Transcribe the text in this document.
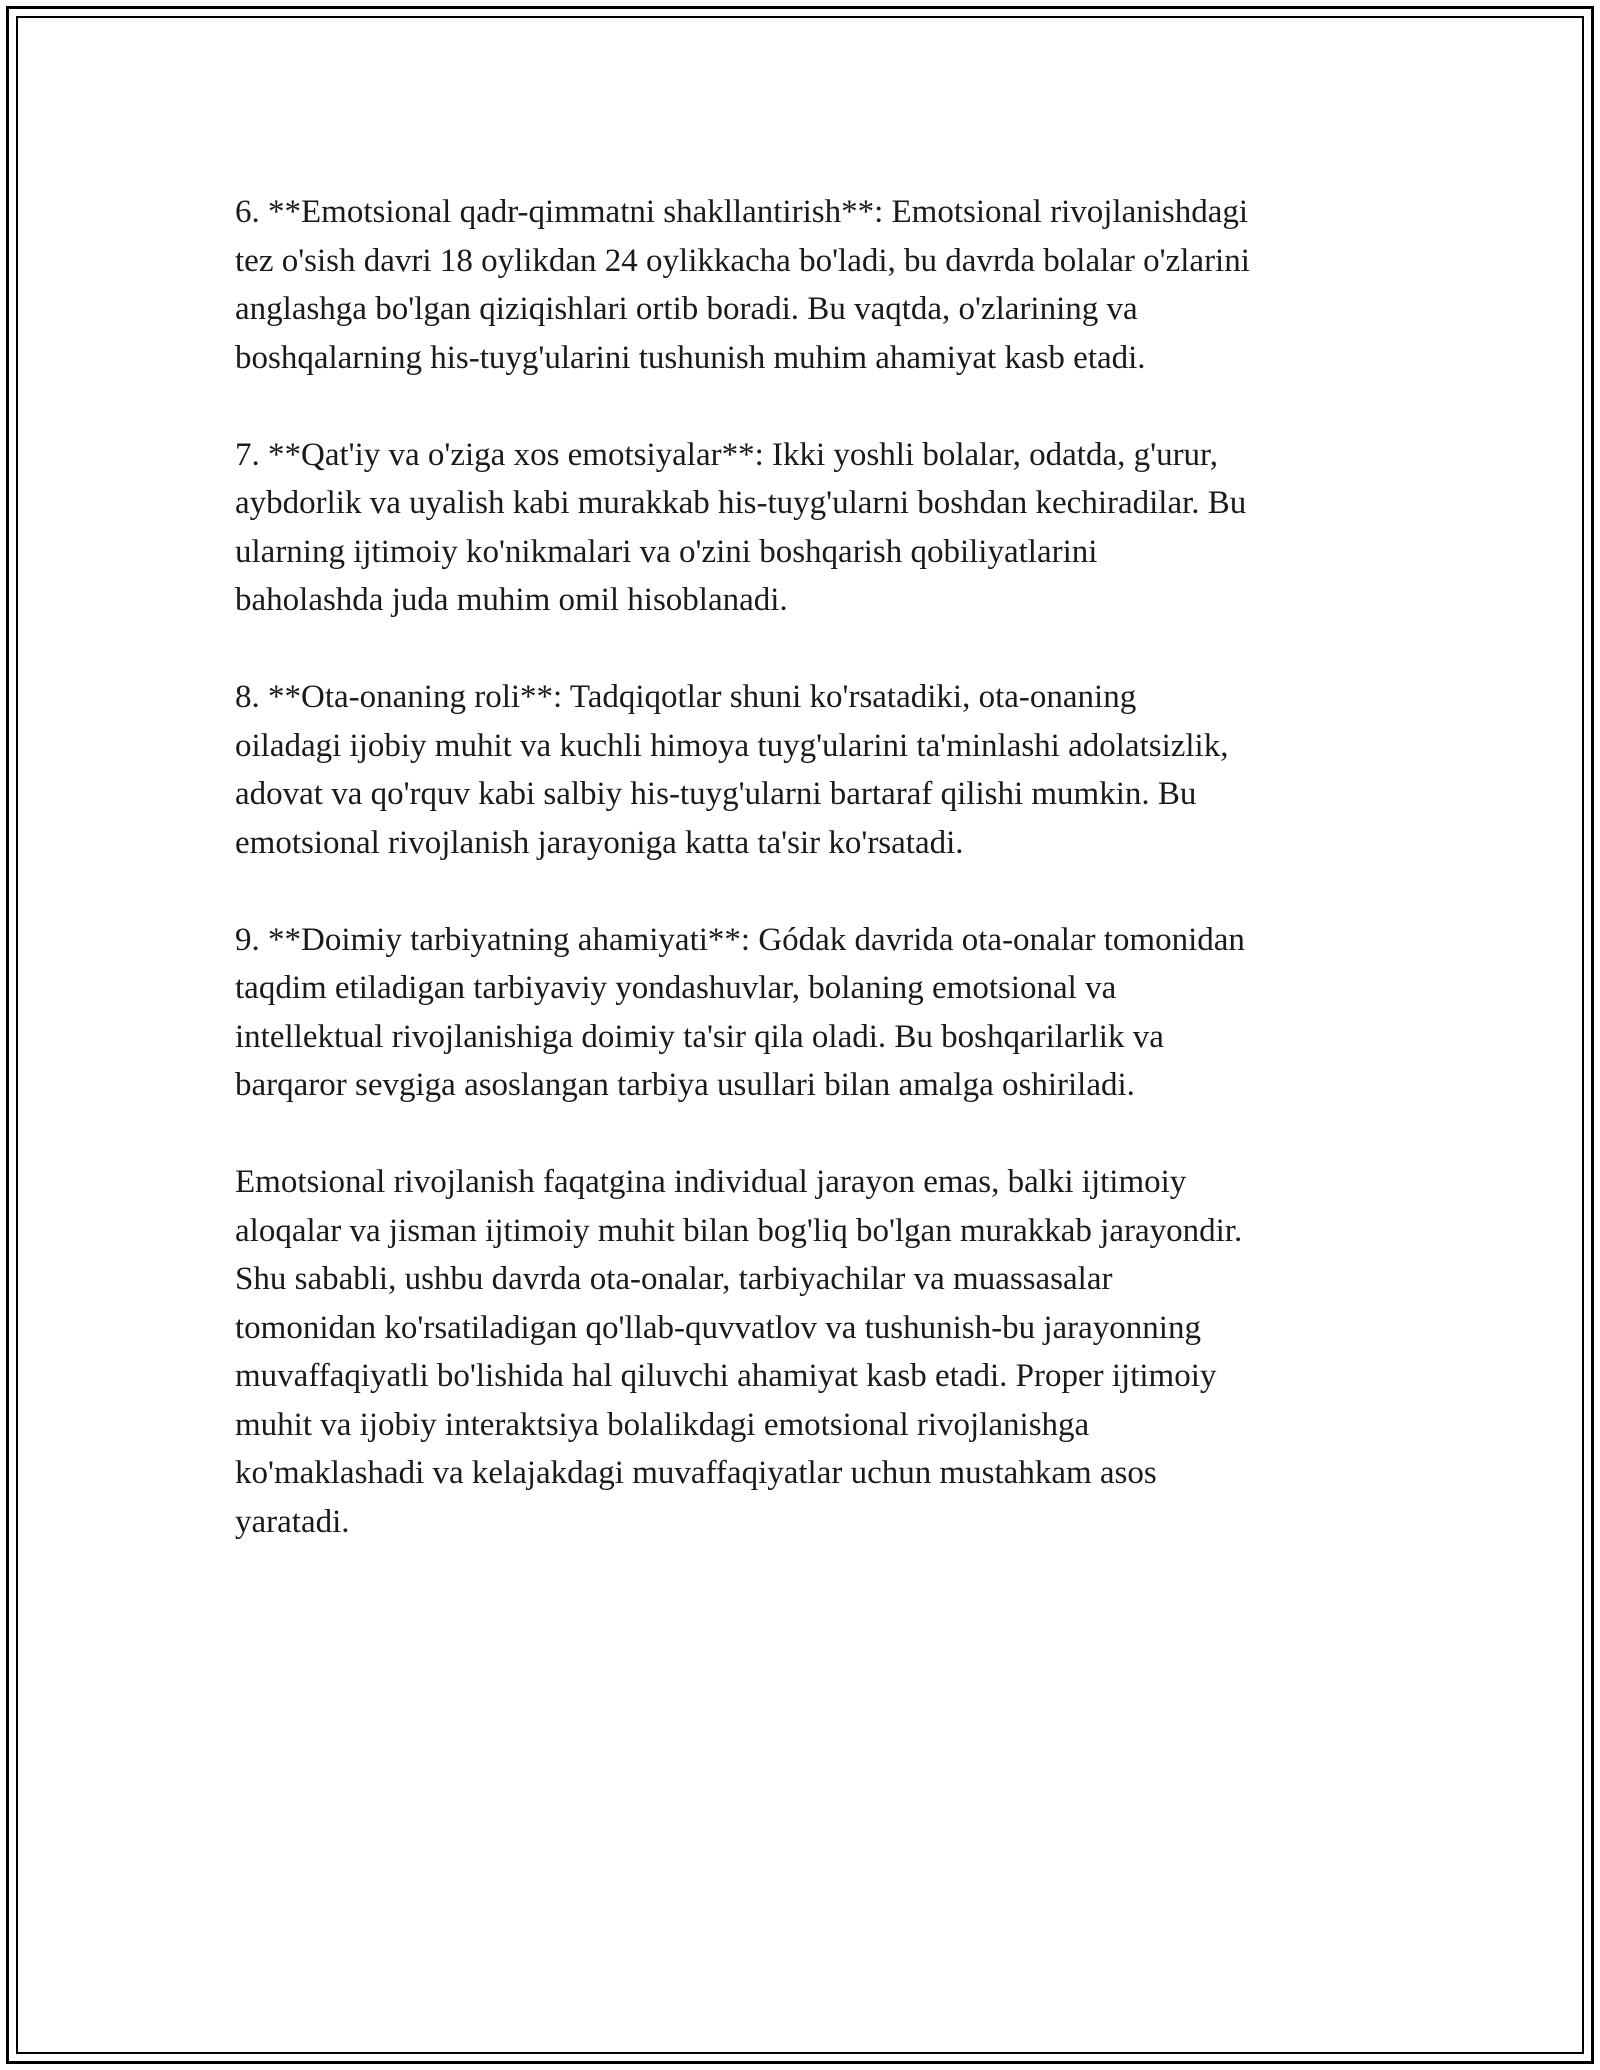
6. **Emotsional qadr-qimmatni shakllantirish**: Emotsional rivojlanishdagi
tez o'sish davri 18 oylikdan 24 oylikkacha bo'ladi, bu davrda bolalar o'zlarini
anglashga bo'lgan qiziqishlari ortib boradi. Bu vaqtda, o'zlarining va
boshqalarning his-tuyg'ularini tushunish muhim ahamiyat kasb etadi.

7. **Qat'iy va o'ziga xos emotsiyalar**: Ikki yoshli bolalar, odatda, g'urur,
aybdorlik va uyalish kabi murakkab his-tuyg'ularni boshdan kechiradilar. Bu
ularning ijtimoiy ko'nikmalari va o'zini boshqarish qobiliyatlarini
baholashda juda muhim omil hisoblanadi.

8. **Ota-onaning roli**: Tadqiqotlar shuni ko'rsatadiki, ota-onaning
oiladagi ijobiy muhit va kuchli himoya tuyg'ularini ta'minlashi adolatsizlik,
adovat va qo'rquv kabi salbiy his-tuyg'ularni bartaraf qilishi mumkin. Bu
emotsional rivojlanish jarayoniga katta ta'sir ko'rsatadi.

9. **Doimiy tarbiyatning ahamiyati**: Gódak davrida ota-onalar tomonidan
taqdim etiladigan tarbiyaviy yondashuvlar, bolaning emotsional va
intellektual rivojlanishiga doimiy ta'sir qila oladi. Bu boshqarilarlik va
barqaror sevgiga asoslangan tarbiya usullari bilan amalga oshiriladi.

Emotsional rivojlanish faqatgina individual jarayon emas, balki ijtimoiy
aloqalar va jisman ijtimoiy muhit bilan bog'liq bo'lgan murakkab jarayondir.
Shu sababli, ushbu davrda ota-onalar, tarbiyachilar va muassasalar
tomonidan ko'rsatiladigan qo'llab-quvvatlov va tushunish-bu jarayonning
muvaffaqiyatli bo'lishida hal qiluvchi ahamiyat kasb etadi. Proper ijtimoiy
muhit va ijobiy interaktsiya bolalikdagi emotsional rivojlanishga
ko'maklashadi va kelajakdagi muvaffaqiyatlar uchun mustahkam asos
yaratadi.
